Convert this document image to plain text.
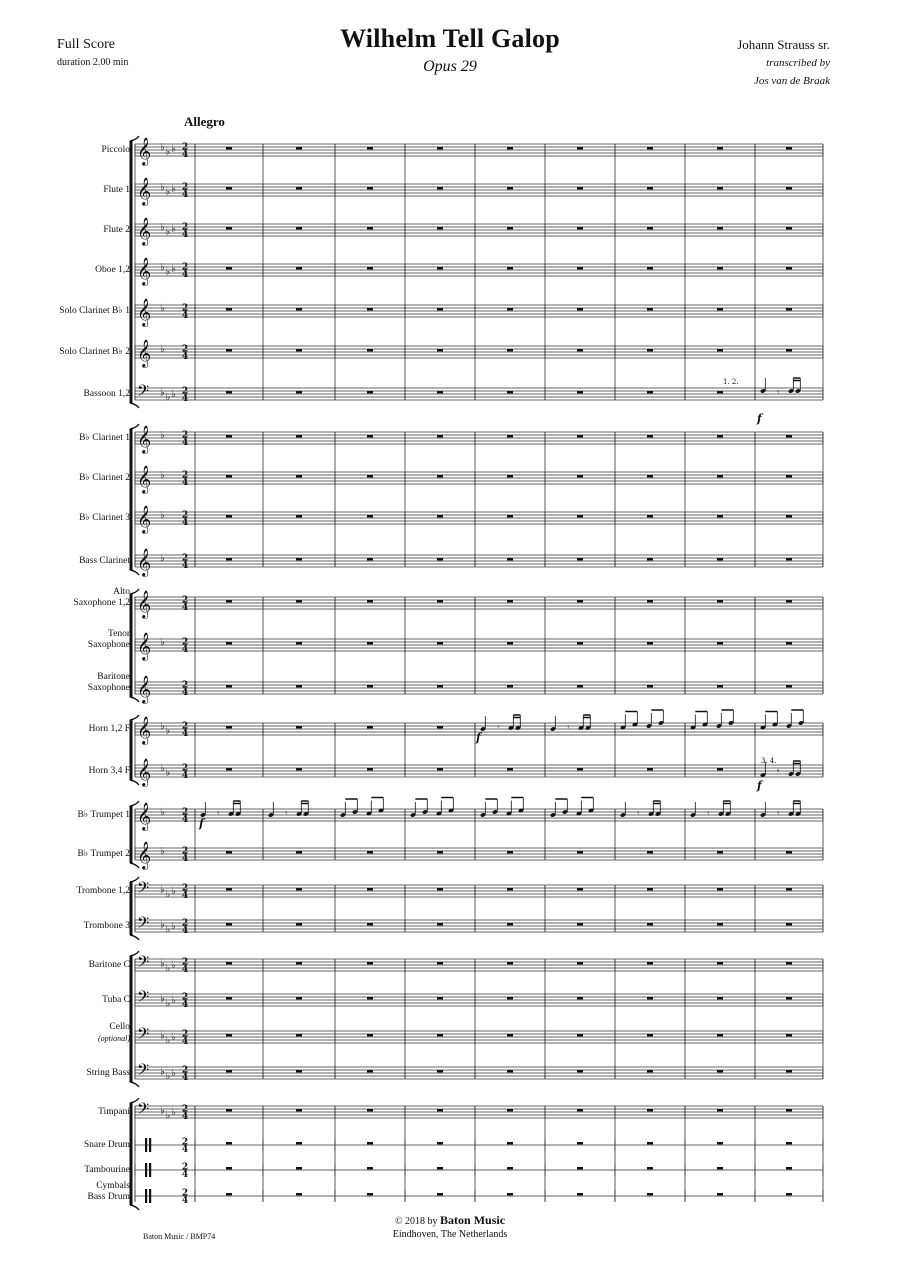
Full Score
duration 2.00 min
Wilhelm Tell Galop
Opus 29
Johann Strauss sr.
transcribed by
Jos van de Braak
Allegro
Piccolo
Flute 1
Flute 2
Oboe 1,2
Solo Clarinet B♭ 1
Solo Clarinet B♭ 2
Bassoon 1,2
B♭ Clarinet 1
B♭ Clarinet 2
B♭ Clarinet 3
Bass Clarinet
Alto
Saxophone 1,2
Tenor
Saxophone
Baritone
Saxophone
Horn 1,2 F
Horn 3,4 F
B♭ Trumpet 1
B♭ Trumpet 2
Trombone 1,2
Trombone 3
Baritone C
Tuba C
Cello
(optional)
String Bass
Timpani
Snare Drum
Tambourine
Cymbals
Bass Drum
𝄞 ♭ ♭ ♭ 2
4
𝄞 ♭ ♭ ♭ 2
4
𝄞 ♭ ♭ ♭ 2
4
𝄞 ♭ ♭ ♭ 2
4
𝄞 ♭ 2
4
𝄞 ♭ 2
4
𝄢 ♭ ♭ ♭ 2
4
𝄞 ♭ 2
4
𝄞 ♭ 2
4
𝄞 ♭ 2
4
𝄞 ♭ 2
4
𝄞	2
4
𝄞 ♭ 2
4
𝄞	2
4
𝄞 ♭ ♭ 2
4
𝄞 ♭ ♭ 2
4
𝄞 ♭ 2
4
𝄞 ♭ 2
4
𝄢 ♭ ♭ ♭ 2
4
𝄢 ♭ ♭ ♭ 2
4
𝄢 ♭ ♭ ♭ 2
4
𝄢 ♭ ♭ ♭ 2
4
𝄢 ♭ ♭ ♭ 2
4
𝄢 ♭ ♭ ♭ 2
4
𝄢 ♭ ♭ ♭ 2
4
2
4
2
4
2
4
𝄾
f
𝄾	𝄾	𝄾	𝄾
𝄾
f
𝄾
3. 4.
f
𝄾
1. 2.
f
𝄾
© 2018 by Baton Music
Eindhoven, The Netherlands
Baton Music / BMP74
